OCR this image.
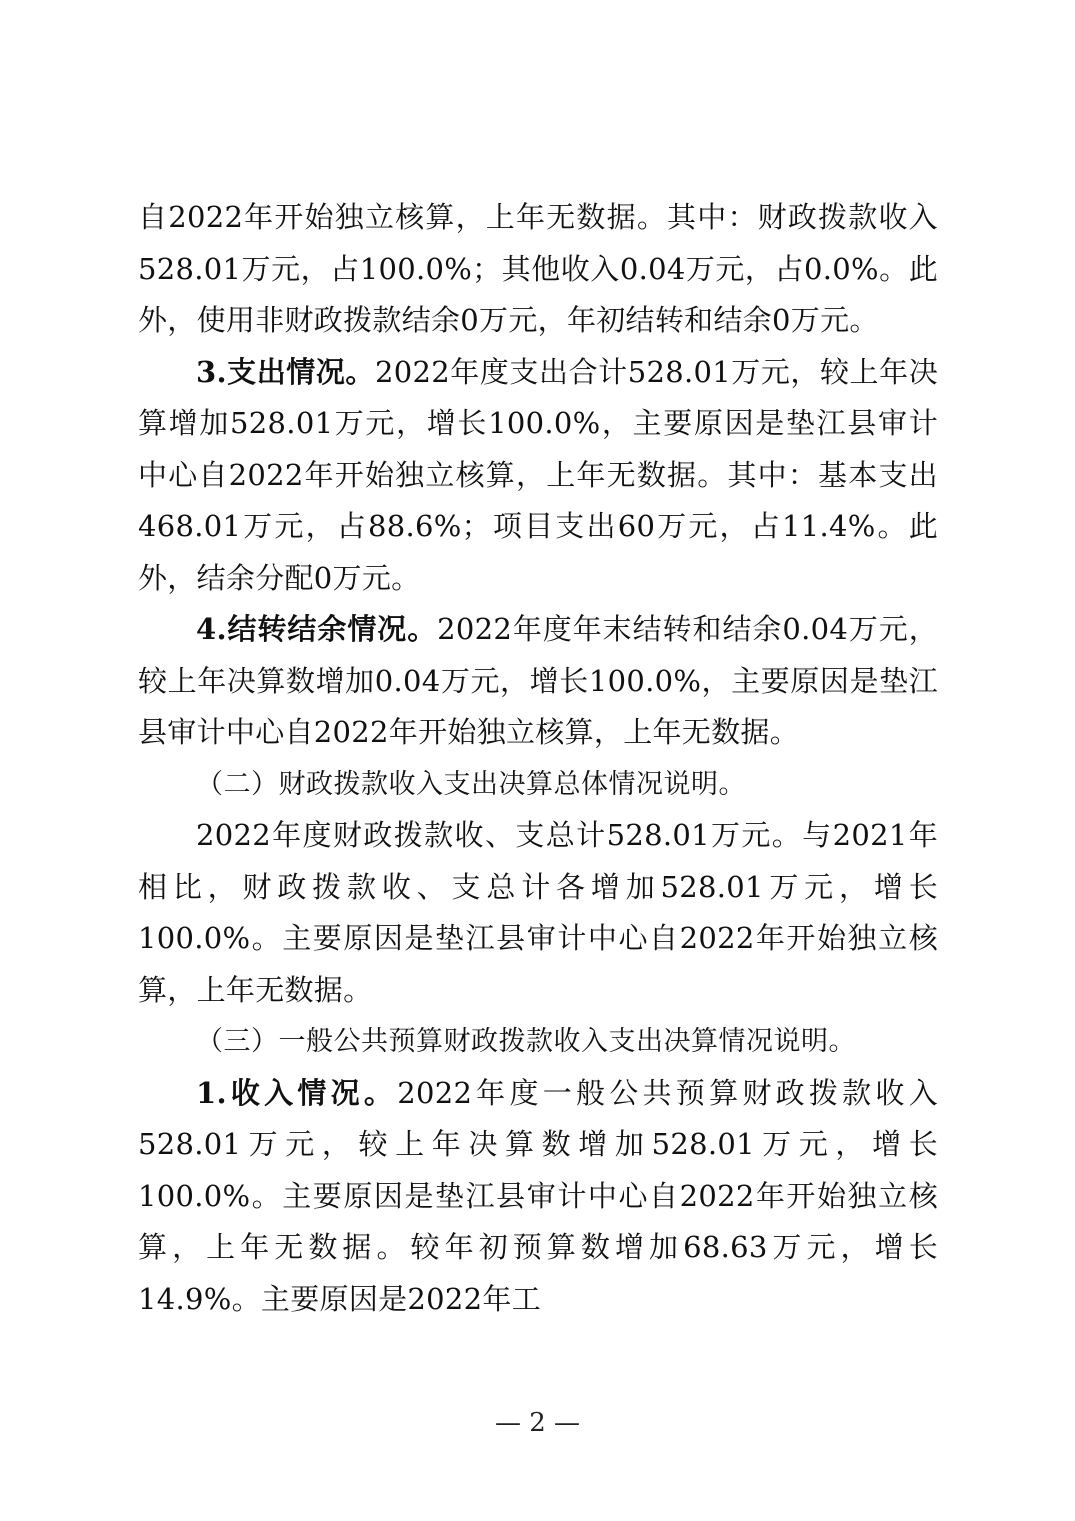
自2022年开始独立核算，上年无数据。其中：财政拨款收入528.01万元，占100.0%；其他收入0.04万元，占0.0%。此外，使用非财政拨款结余0万元，年初结转和结余0万元。

3.支出情况。2022年度支出合计528.01万元，较上年决算增加528.01万元，增长100.0%，主要原因是垫江县审计中心自2022年开始独立核算，上年无数据。其中：基本支出468.01万元，占88.6%；项目支出60万元，占11.4%。此外，结余分配0万元。

4.结转结余情况。2022年度年末结转和结余0.04万元，较上年决算数增加0.04万元，增长100.0%，主要原因是垫江县审计中心自2022年开始独立核算，上年无数据。

（二）财政拨款收入支出决算总体情况说明。

2022年度财政拨款收、支总计528.01万元。与2021年相比，财政拨款收、支总计各增加528.01万元，增长100.0%。主要原因是垫江县审计中心自2022年开始独立核算，上年无数据。

（三）一般公共预算财政拨款收入支出决算情况说明。

1.收入情况。2022年度一般公共预算财政拨款收入528.01万元，较上年决算数增加528.01万元，增长100.0%。主要原因是垫江县审计中心自2022年开始独立核算，上年无数据。较年初预算数增加68.63万元，增长14.9%。主要原因是2022年工

— 2 —
